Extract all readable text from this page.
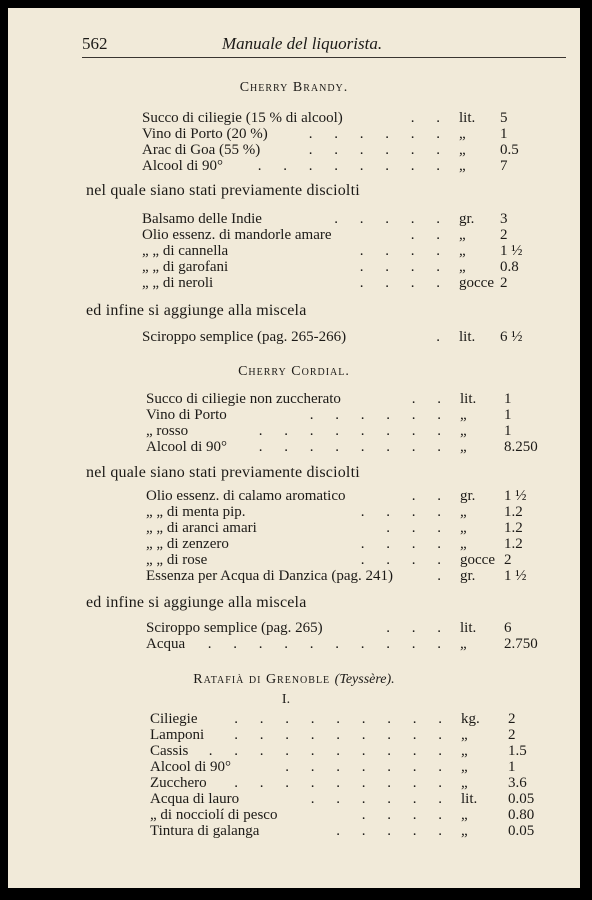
562	Manuale del liquorista.
Cherry Brandy.
Succo di ciliegie (15 % di alcool)	. . lit. 5
Vino di Porto (20 %)	. . . . . . „ 1
Arac di Goa (55 %)	. . . . . . „ 0.5
Alcool di 90° . . . . . . . . „ 7
nel quale siano stati previamente disciolti
Balsamo delle Indie	. . . . . gr. 3
Olio essenz. di mandorle amare	. . „ 2
„ „ di cannella	. . . . „ 1 ½
„ „ di garofani	. . . . „ 0.8
„ „ di neroli	. . . . gocce 2
ed infine si aggiunge alla miscela
Sciroppo semplice (pag. 265-266)	. lit. 6 ½
Cherry Cordial.
Succo di ciliegie non zuccherato	. . lit. 1
Vino di Porto	. . . . . . „ 1
„ rosso	. . . . . . . . „ 1
Alcool di 90° . . . . . . . . „ 8.250
nel quale siano stati previamente disciolti
Olio essenz. di calamo aromatico	. . gr. 1 ½
„ „ di menta pip.	. . . . „ 1.2
„ „ di aranci amari	. . . „ 1.2
„ „ di zenzero	. . . . „ 1.2
„ „ di rose	. . . . gocce 2
Essenza per Acqua di Danzica (pag. 241)	. gr. 1 ½
ed infine si aggiunge alla miscela
Sciroppo semplice (pag. 265)	. . . lit. 6
Acqua . . . . . . . . . . „ 2.750
Ratafià di Grenoble (Teyssère).
I.
Ciliegie . . . . . . . . . kg. 2
Lamponi . . . . . . . . . „	2
Cassis . . . . . . . . . . „	1.5
Alcool di 90°	. . . . . . . „	1
Zucchero . . . . . . . . . „	3.6
Acqua di lauro	. . . . . . lit. 0.05
„ di nocciolí di pesco	. . . . „	0.80
Tintura di galanga	. . . . . „	0.05
